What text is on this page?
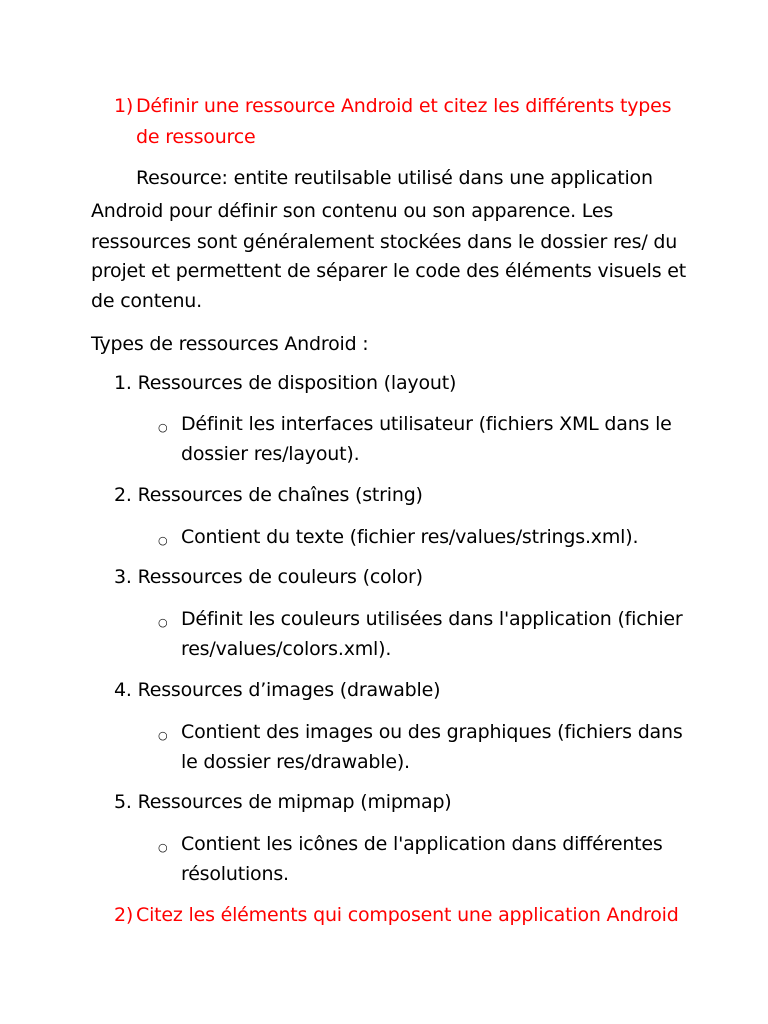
1) Définir une ressource Android et citez les différents types
de ressource
Resource: entite reutilsable utilisé dans une application
Android pour définir son contenu ou son apparence. Les
ressources sont généralement stockées dans le dossier res/ du
projet et permettent de séparer le code des éléments visuels et
de contenu.
Types de ressources Android :
1. Ressources de disposition (layout)
○ Définit les interfaces utilisateur (fichiers XML dans le
dossier res/layout).
2. Ressources de chaînes (string)
○ Contient du texte (fichier res/values/strings.xml).
3. Ressources de couleurs (color)
○ Définit les couleurs utilisées dans l'application (fichier
res/values/colors.xml).
4. Ressources d’images (drawable)
○ Contient des images ou des graphiques (fichiers dans
le dossier res/drawable).
5. Ressources de mipmap (mipmap)
○ Contient les icônes de l'application dans différentes
résolutions.
2) Citez les éléments qui composent une application Android
